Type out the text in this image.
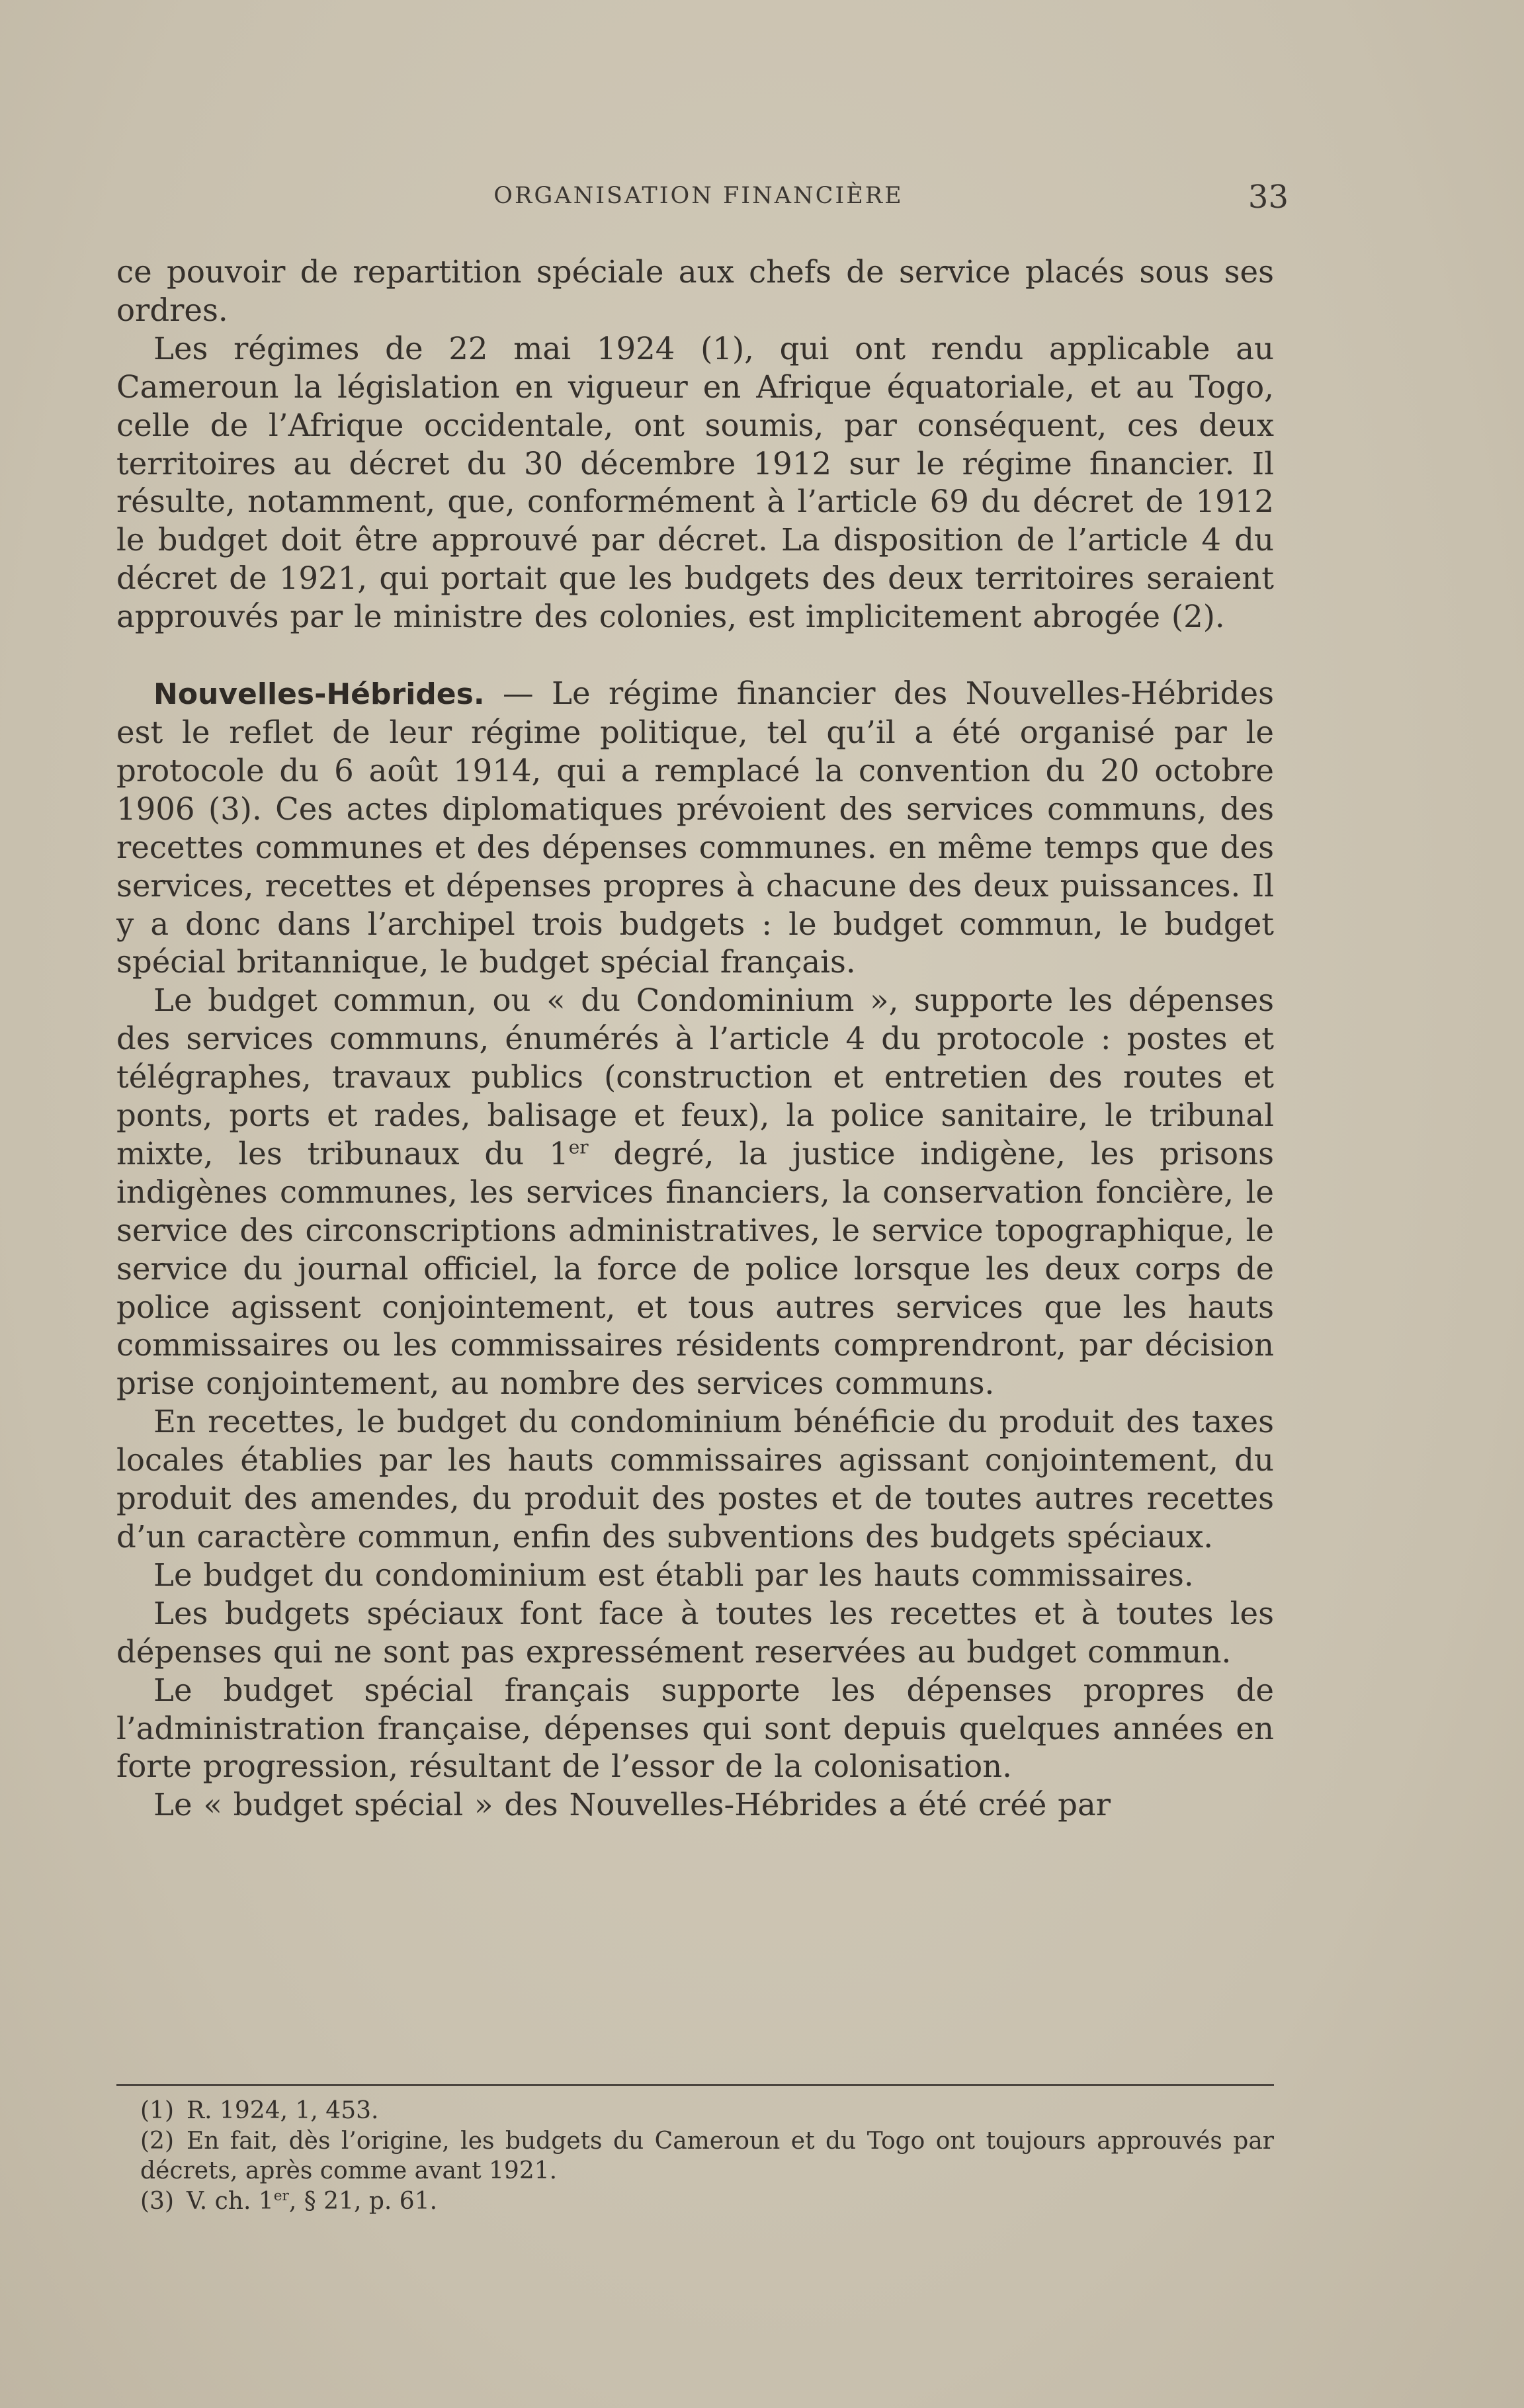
ORGANISATION FINANCIÈRE	33

ce pouvoir de repartition spéciale aux chefs de service placés sous ses ordres.

Les régimes de 22 mai 1924 (1), qui ont rendu applicable au Cameroun la législation en vigueur en Afrique équatoriale, et au Togo, celle de l’Afrique occidentale, ont soumis, par conséquent, ces deux territoires au décret du 30 décembre 1912 sur le régime financier. Il résulte, notamment, que, conformément à l’article 69 du décret de 1912 le budget doit être approuvé par décret. La disposition de l’article 4 du décret de 1921, qui portait que les budgets des deux territoires seraient approuvés par le ministre des colonies, est implicitement abrogée (2).

Nouvelles-Hébrides. — Le régime financier des Nouvelles-Hébrides est le reflet de leur régime politique, tel qu’il a été organisé par le protocole du 6 août 1914, qui a remplacé la convention du 20 octobre 1906 (3). Ces actes diplomatiques prévoient des services communs, des recettes communes et des dépenses communes. en même temps que des services, recettes et dépenses propres à chacune des deux puissances. Il y a donc dans l’archipel trois budgets : le budget commun, le budget spécial britannique, le budget spécial français.

Le budget commun, ou « du Condominium », supporte les dépenses des services communs, énumérés à l’article 4 du protocole : postes et télégraphes, travaux publics (construction et entretien des routes et ponts, ports et rades, balisage et feux), la police sanitaire, le tribunal mixte, les tribunaux du 1er degré, la justice indigène, les prisons indigènes communes, les services financiers, la conservation foncière, le service des circonscriptions administratives, le service topographique, le service du journal officiel, la force de police lorsque les deux corps de police agissent conjointement, et tous autres services que les hauts commissaires ou les commissaires résidents comprendront, par décision prise conjointement, au nombre des services communs.

En recettes, le budget du condominium bénéficie du produit des taxes locales établies par les hauts commissaires agissant conjointement, du produit des amendes, du produit des postes et de toutes autres recettes d’un caractère commun, enfin des subventions des budgets spéciaux.

Le budget du condominium est établi par les hauts commissaires.

Les budgets spéciaux font face à toutes les recettes et à toutes les dépenses qui ne sont pas expressément reservées au budget commun.

Le budget spécial français supporte les dépenses propres de l’administration française, dépenses qui sont depuis quelques années en forte progression, résultant de l’essor de la colonisation.

Le « budget spécial » des Nouvelles-Hébrides a été créé par

(1) R. 1924, 1, 453.

(2) En fait, dès l’origine, les budgets du Cameroun et du Togo ont toujours approuvés par décrets, après comme avant 1921.

(3) V. ch. 1er, § 21, p. 61.
